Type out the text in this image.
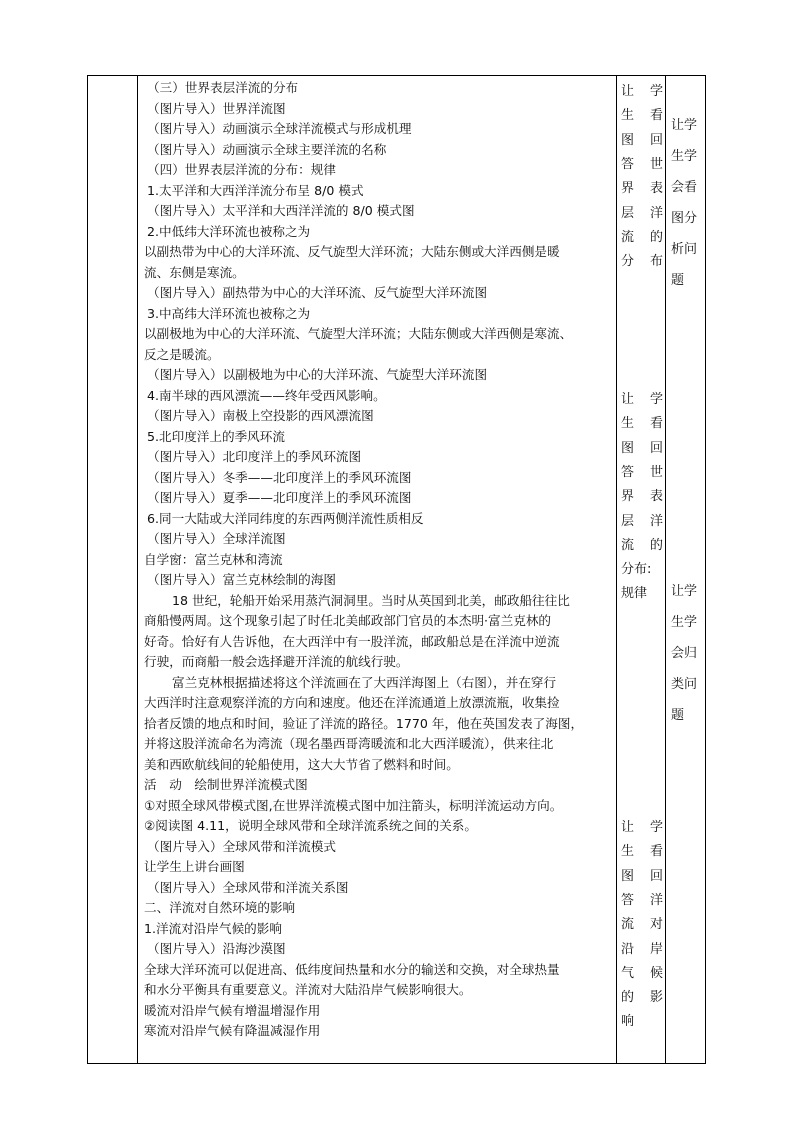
（三）世界表层洋流的分布
（图片导入）世界洋流图
（图片导入）动画演示全球洋流模式与形成机理
（图片导入）动画演示全球主要洋流的名称
（四）世界表层洋流的分布：规律
1.太平洋和大西洋洋流分布呈 8/0 模式
（图片导入）太平洋和大西洋洋流的 8/0 模式图
2.中低纬大洋环流也被称之为
以副热带为中心的大洋环流、反气旋型大洋环流；大陆东侧或大洋西侧是暖
流、东侧是寒流。
（图片导入）副热带为中心的大洋环流、反气旋型大洋环流图
3.中高纬大洋环流也被称之为
以副极地为中心的大洋环流、气旋型大洋环流；大陆东侧或大洋西侧是寒流、
反之是暖流。
（图片导入）以副极地为中心的大洋环流、气旋型大洋环流图
4.南半球的西风漂流——终年受西风影响。
（图片导入）南极上空投影的西风漂流图
5.北印度洋上的季风环流
（图片导入）北印度洋上的季风环流图
（图片导入）冬季——北印度洋上的季风环流图
（图片导入）夏季——北印度洋上的季风环流图
6.同一大陆或大洋同纬度的东西两侧洋流性质相反
（图片导入）全球洋流图
自学窗：富兰克林和湾流
（图片导入）富兰克林绘制的海图
18 世纪，轮船开始采用蒸汽洞洞里。当时从英国到北美，邮政船往往比
商船慢两周。这个现象引起了时任北美邮政部门官员的本杰明·富兰克林的
好奇。恰好有人告诉他，在大西洋中有一股洋流，邮政船总是在洋流中逆流
行驶，而商船一般会选择避开洋流的航线行驶。
富兰克林根据描述将这个洋流画在了大西洋海图上（右图），并在穿行
大西洋时注意观察洋流的方向和速度。他还在洋流通道上放漂流瓶，收集捡
拾者反馈的地点和时间，验证了洋流的路径。1770 年，他在英国发表了海图，
并将这股洋流命名为湾流（现名墨西哥湾暖流和北大西洋暖流），供来往北
美和西欧航线间的轮船使用，这大大节省了燃料和时间。
活　动　绘制世界洋流模式图
①对照全球风带模式图,在世界洋流模式图中加注箭头，标明洋流运动方向。
②阅读图 4.11，说明全球风带和全球洋流系统之间的关系。
（图片导入）全球风带和洋流模式
让学生上讲台画图
（图片导入）全球风带和洋流关系图
二、洋流对自然环境的影响
1.洋流对沿岸气候的影响
（图片导入）沿海沙漠图
全球大洋环流可以促进高、低纬度间热量和水分的输送和交换，对全球热量
和水分平衡具有重要意义。洋流对大陆沿岸气候影响很大。
暖流对沿岸气候有增温增湿作用
寒流对沿岸气候有降温减湿作用
让 学
生 看
图 回
答 世
界 表
层 洋
流 的
分 布
让 学
生 看
图 回
答 世
界 表
层 洋
流 的
分布:
规律
让 学
生 看
图 回
答 洋
流 对
沿 岸
气 候
的 影
响
让学
生学
会看
图分
析问
题
让学
生学
会归
类问
题
